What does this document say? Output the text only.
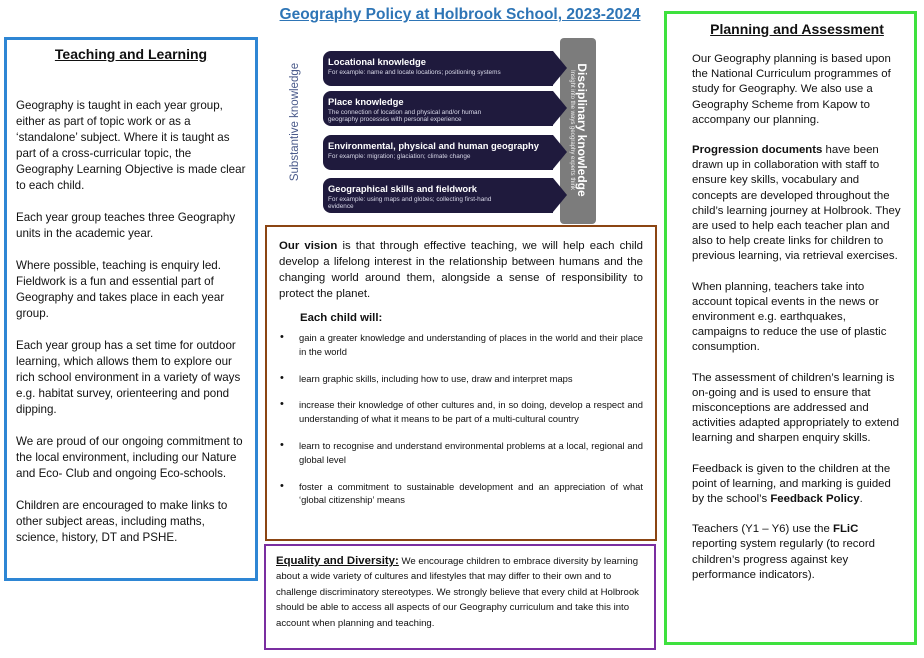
Geography Policy at Holbrook School, 2023-2024
Teaching and Learning

Geography is taught in each year group, either as part of topic work or as a ‘standalone’ subject. Where it is taught as part of a cross-curricular topic, the Geography Learning Objective is made clear to each child.

Each year group teaches three Geography units in the academic year.

Where possible, teaching is enquiry led. Fieldwork is a fun and essential part of Geography and takes place in each year group.

Each year group has a set time for outdoor learning, which allows them to explore our rich school environment in a variety of ways e.g. habitat survey, orienteering and pond dipping.

We are proud of our ongoing commitment to the local environment, including our Nature and Eco- Club and ongoing Eco-schools.

Children are encouraged to make links to other subject areas, including maths, science, history, DT and PSHE.

Substantive knowledge
Locational knowledge
For example: name and locate locations; positioning systems
Place knowledge
The connection of location and physical and/or human geography processes with personal experience
Environmental, physical and human geography
For example: migration; glaciation; climate change
Geographical skills and fieldwork
For example: using maps and globes; collecting first-hand evidence
Disciplinary knowledge
Insight into the ways geography experts think

Our vision is that through effective teaching, we will help each child develop a lifelong interest in the relationship between humans and the changing world around them, alongside a sense of responsibility to protect the planet.

Each child will:
• gain a greater knowledge and understanding of places in the world and their place in the world
• learn graphic skills, including how to use, draw and interpret maps
• increase their knowledge of other cultures and, in so doing, develop a respect and understanding of what it means to be part of a multi-cultural country
• learn to recognise and understand environmental problems at a local, regional and global level
• foster a commitment to sustainable development and an appreciation of what ‘global citizenship’ means

Equality and Diversity: We encourage children to embrace diversity by learning about a wide variety of cultures and lifestyles that may differ to their own and to challenge discriminatory stereotypes. We strongly believe that every child at Holbrook should be able to access all aspects of our Geography curriculum and take this into account when planning and teaching.

Planning and Assessment

Our Geography planning is based upon the National Curriculum programmes of study for Geography. We also use a Geography Scheme from Kapow to accompany our planning.

Progression documents have been drawn up in collaboration with staff to ensure key skills, vocabulary and concepts are developed throughout the child’s learning journey at Holbrook. They are used to help each teacher plan and also to help create links for children to previous learning, via retrieval exercises.

When planning, teachers take into account topical events in the news or environment e.g. earthquakes, campaigns to reduce the use of plastic consumption.

The assessment of children’s learning is on-going and is used to ensure that misconceptions are addressed and activities adapted appropriately to extend learning and sharpen enquiry skills.

Feedback is given to the children at the point of learning, and marking is guided by the school’s Feedback Policy.

Teachers (Y1 – Y6) use the FLiC reporting system regularly (to record children’s progress against key performance indicators).
